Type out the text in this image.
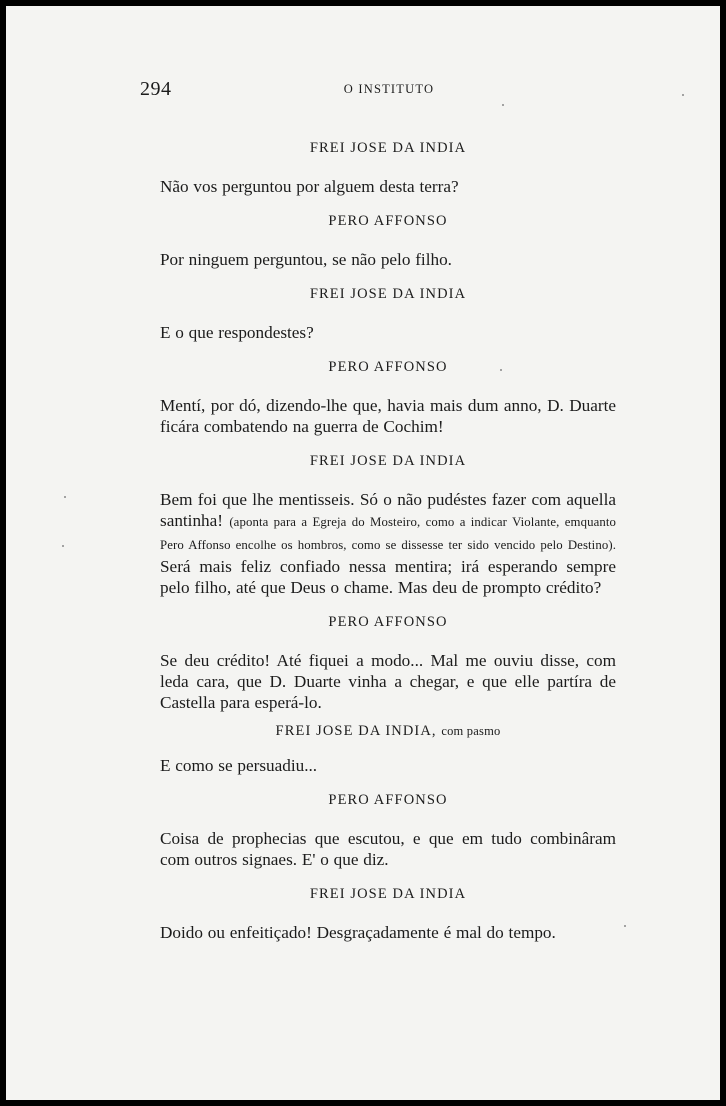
294	O INSTITUTO
FREI JOSE DA INDIA

Não vos perguntou por alguem desta terra?

PERO AFFONSO

Por ninguem perguntou, se não pelo filho.

FREI JOSE DA INDIA

E o que respondestes?

PERO AFFONSO

Mentí, por dó, dizendo-lhe que, havia mais dum anno, D. Duarte ficára combatendo na guerra de Cochim!

FREI JOSE DA INDIA

Bem foi que lhe mentisseis. Só o não pudéstes fazer com aquella santinha! (aponta para a Egreja do Mosteiro, como a indicar Violante, emquanto Pero Affonso encolhe os hombros, como se dissesse ter sido vencido pelo Destino). Será mais feliz confiado nessa mentira; irá esperando sempre pelo filho, até que Deus o chame. Mas deu de prompto crédito?

PERO AFFONSO

Se deu crédito! Até fiquei a modo... Mal me ouviu disse, com leda cara, que D. Duarte vinha a chegar, e que elle partíra de Castella para esperá-lo.

FREI JOSE DA INDIA, com pasmo

E como se persuadiu...

PERO AFFONSO

Coisa de prophecias que escutou, e que em tudo combinâram com outros signaes. E' o que diz.

FREI JOSE DA INDIA

Doido ou enfeitiçado! Desgraçadamente é mal do tempo.
